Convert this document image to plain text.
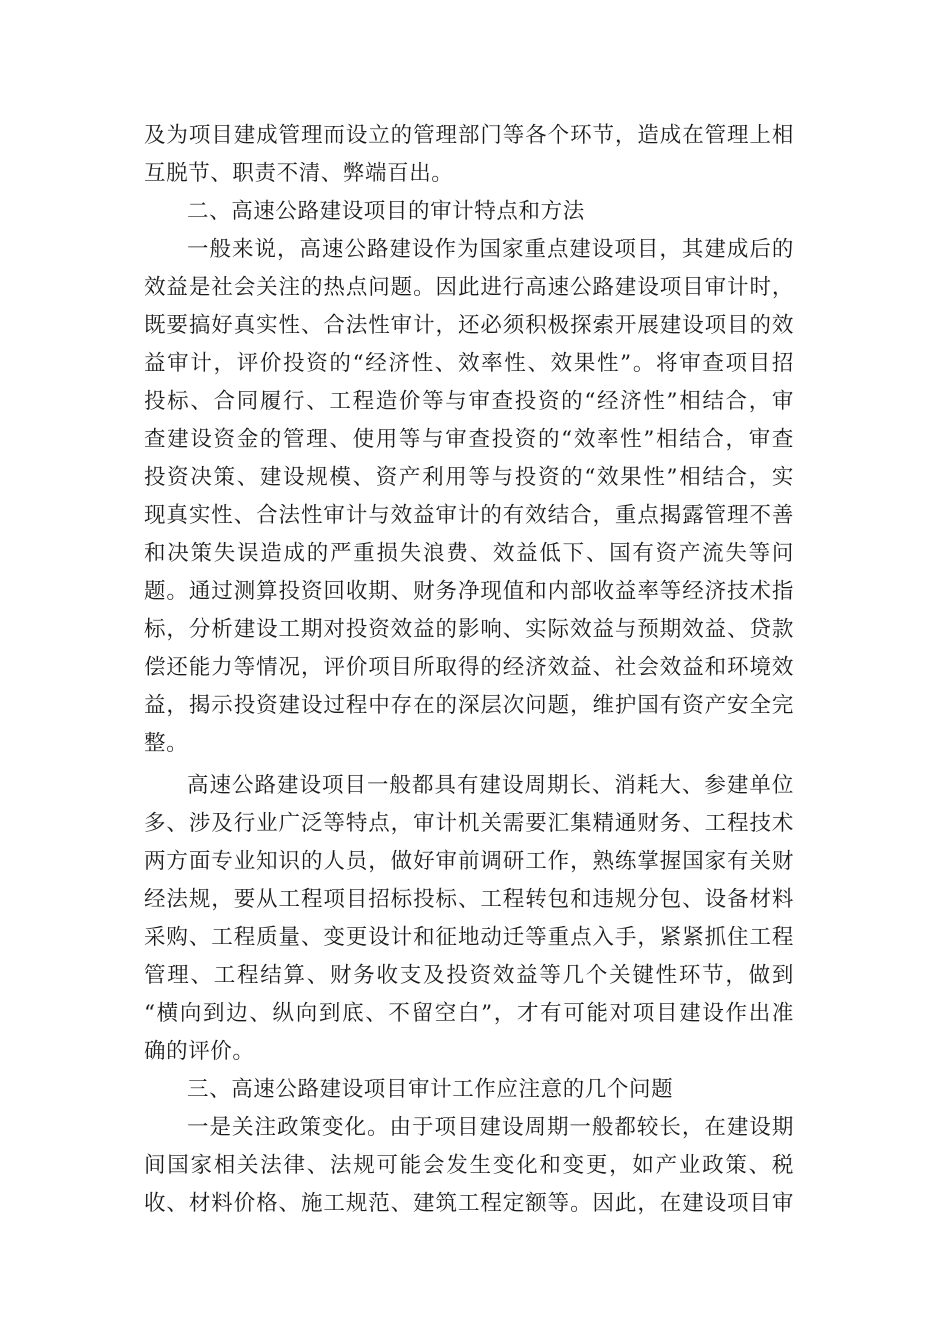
及为项目建成管理而设立的管理部门等各个环节，造成在管理上相
互脱节、职责不清、弊端百出。
二、高速公路建设项目的审计特点和方法
一般来说，高速公路建设作为国家重点建设项目，其建成后的
效益是社会关注的热点问题。因此进行高速公路建设项目审计时，
既要搞好真实性、合法性审计，还必须积极探索开展建设项目的效
益审计，评价投资的“经济性、效率性、效果性”。将审查项目招
投标、合同履行、工程造价等与审查投资的“经济性”相结合，审
查建设资金的管理、使用等与审查投资的“效率性”相结合，审查
投资决策、建设规模、资产利用等与投资的“效果性”相结合，实
现真实性、合法性审计与效益审计的有效结合，重点揭露管理不善
和决策失误造成的严重损失浪费、效益低下、国有资产流失等问
题。通过测算投资回收期、财务净现值和内部收益率等经济技术指
标，分析建设工期对投资效益的影响、实际效益与预期效益、贷款
偿还能力等情况，评价项目所取得的经济效益、社会效益和环境效
益，揭示投资建设过程中存在的深层次问题，维护国有资产安全完
整。
高速公路建设项目一般都具有建设周期长、消耗大、参建单位
多、涉及行业广泛等特点，审计机关需要汇集精通财务、工程技术
两方面专业知识的人员，做好审前调研工作，熟练掌握国家有关财
经法规，要从工程项目招标投标、工程转包和违规分包、设备材料
采购、工程质量、变更设计和征地动迁等重点入手，紧紧抓住工程
管理、工程结算、财务收支及投资效益等几个关键性环节，做到
“横向到边、纵向到底、不留空白”，才有可能对项目建设作出准
确的评价。
三、高速公路建设项目审计工作应注意的几个问题
一是关注政策变化。由于项目建设周期一般都较长，在建设期
间国家相关法律、法规可能会发生变化和变更，如产业政策、税
收、材料价格、施工规范、建筑工程定额等。因此，在建设项目审
